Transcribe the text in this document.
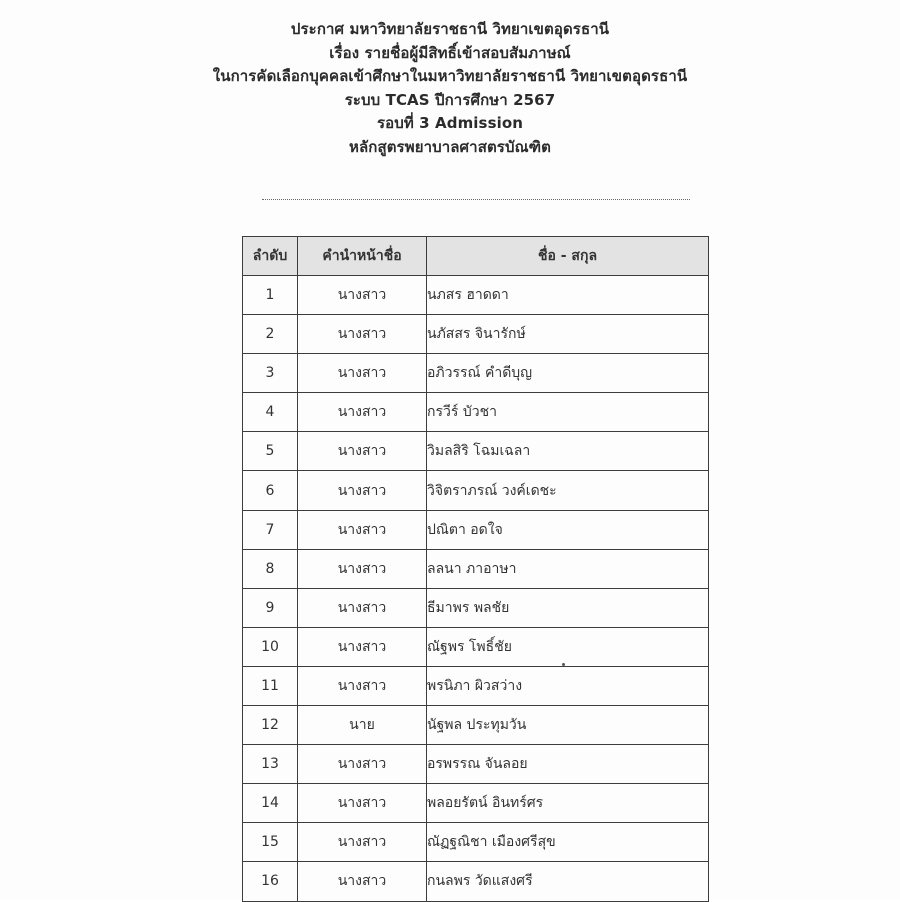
ประกาศ มหาวิทยาลัยราชธานี วิทยาเขตอุดรธานี
เรื่อง รายชื่อผู้มีสิทธิ์เข้าสอบสัมภาษณ์
ในการคัดเลือกบุคคลเข้าศึกษาในมหาวิทยาลัยราชธานี วิทยาเขตอุดรธานี
ระบบ TCAS ปีการศึกษา 2567
รอบที่ 3 Admission
หลักสูตรพยาบาลศาสตรบัณฑิต
ลำดับ	คำนำหน้าชื่อ	ชื่อ - สกุล
1	นางสาว	นภสร ฮาดดา
2	นางสาว	นภัสสร จินารักษ์
3	นางสาว	อภิวรรณ์ คำดีบุญ
4	นางสาว	กรวีร์ บัวชา
5	นางสาว	วิมลสิริ โฉมเฉลา
6	นางสาว	วิจิตราภรณ์ วงค์เดชะ
7	นางสาว	ปณิตา อดใจ
8	นางสาว	ลลนา ภาอาษา
9	นางสาว	ธีมาพร พลชัย
10	นางสาว	ณัฐพร โพธิ์ชัย
11	นางสาว	พรนิภา ผิวสว่าง
12	นาย	นัฐพล ประทุมวัน
13	นางสาว	อรพรรณ จันลอย
14	นางสาว	พลอยรัตน์ อินทร์ศร
15	นางสาว	ณัฏฐณิชา เมืองศรีสุข
16	นางสาว	กนลพร วัดแสงศรี
